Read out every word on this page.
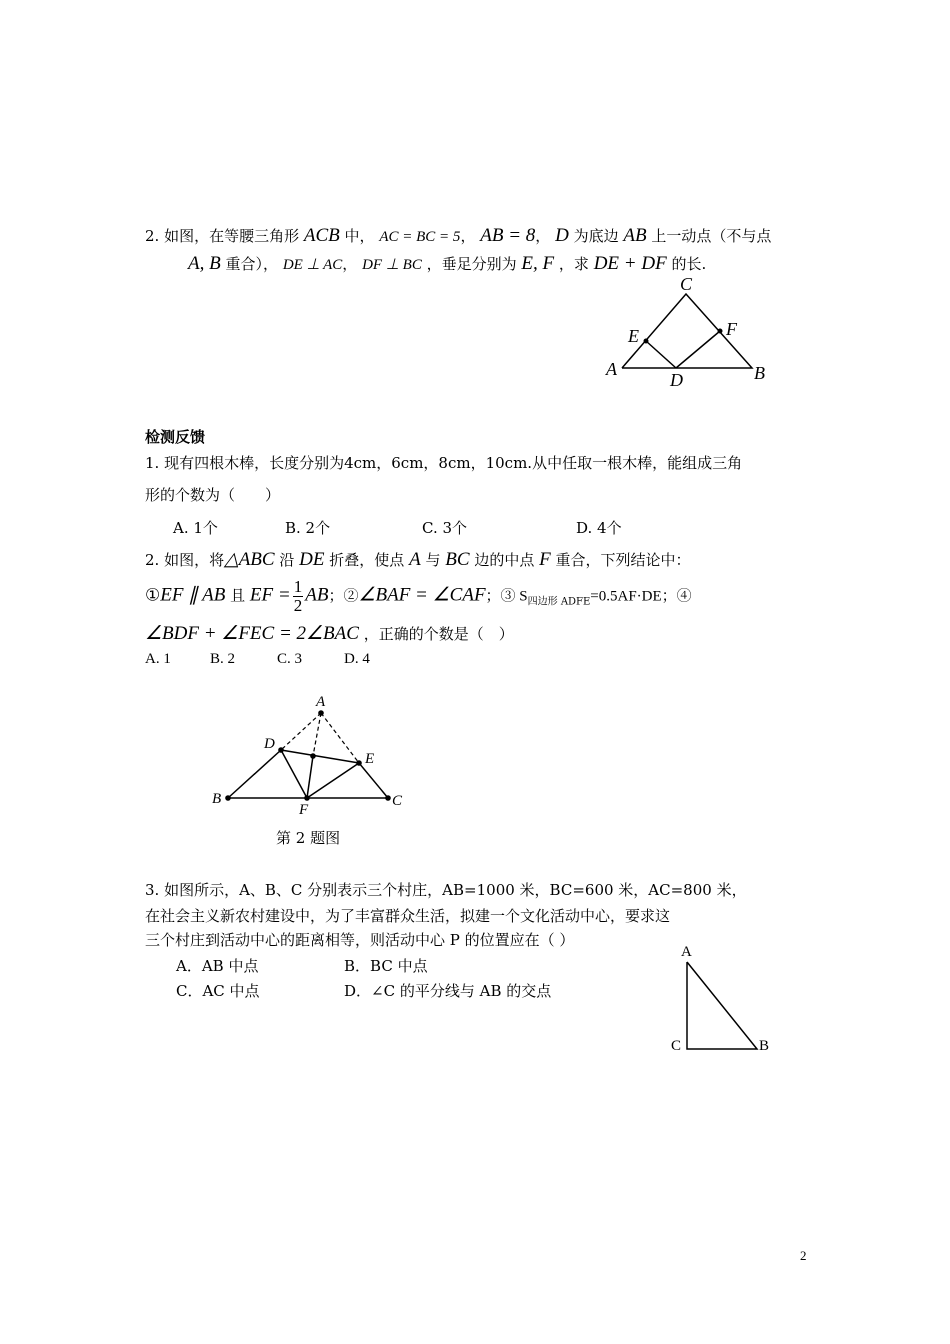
2. 如图，在等腰三角形 ACB 中， AC = BC = 5， AB = 8， D 为底边 AB 上一动点（不与点
A, B 重合）， DE ⊥ AC， DF ⊥ BC ，垂足分别为 E, F ，求 DE + DF 的长.
C
E	F
A
D	B
检测反馈
1. 现有四根木棒，长度分别为4cm，6cm，8cm，10cm.从中任取一根木棒，能组成三角
形的个数为（　　）
A. 1个	B. 2个	C. 3个	D. 4个
2. 如图，将△ABC 沿 DE 折叠，使点 A 与 BC 边的中点 F 重合，下列结论中：
①EF ∥ AB 且 EF = $\frac{1}{2}$ AB；②∠BAF = ∠CAF；③ $S_{四边形 ADFE}=0.5AF\cdot DE$；④
∠BDF + ∠FEC = 2∠BAC ，正确的个数是（　）
A. 1	B. 2	C. 3	D. 4
A
D
E
B
F
C
第 2 题图
3. 如图所示，A、B、C 分别表示三个村庄，AB=1000 米，BC=600 米，AC=800 米，
在社会主义新农村建设中，为了丰富群众生活，拟建一个文化活动中心，要求这
三个村庄到活动中心的距离相等，则活动中心 P 的位置应在（ ）
A．AB 中点	B．BC 中点
C．AC 中点	D．∠C 的平分线与 AB 的交点
A
C	B
2
